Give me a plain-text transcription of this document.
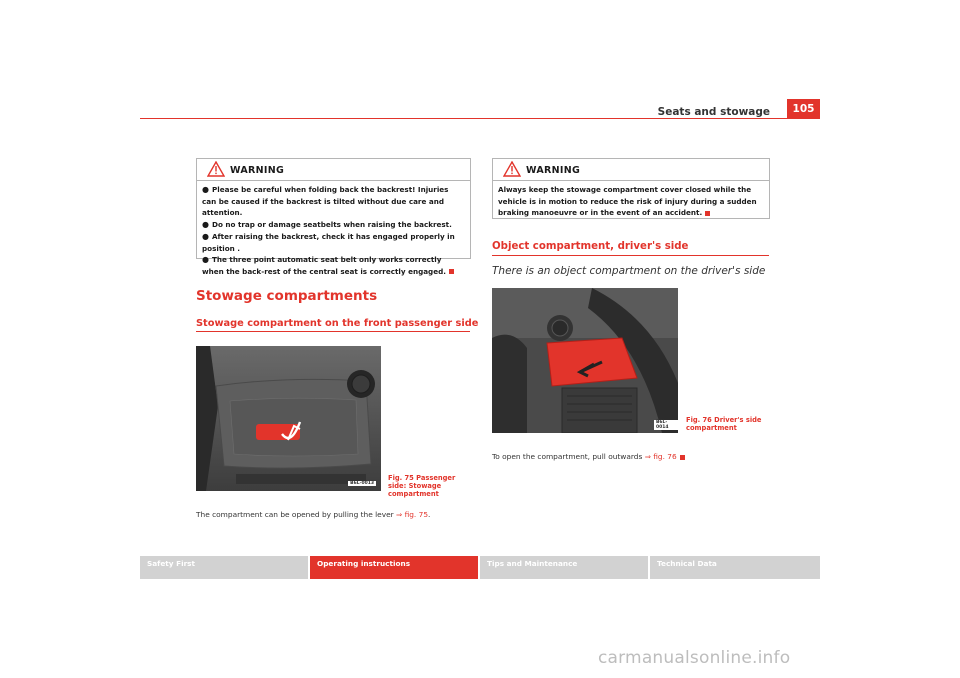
Seats and stowage	105
WARNING

● Please be careful when folding back the backrest! Injuries can be caused if the backrest is tilted without due care and attention.

● Do no trap or damage seatbelts when raising the backrest.

● After raising the backrest, check it has engaged properly in position .

● The three point automatic seat belt only works correctly when the back-rest of the central seat is correctly engaged.

WARNING

Always keep the stowage compartment cover closed while the vehicle is in motion to reduce the risk of injury during a sudden braking manoeuvre or in the event of an accident.

Stowage compartments
Stowage compartment on the front passenger side
B6L-0013
Fig. 75 Passenger side: Stowage compartment
The compartment can be opened by pulling the lever ⇒ fig. 75.
Object compartment, driver's side
There is an object compartment on the driver's side
B6L-0014
Fig. 76 Driver's side compartment
To open the compartment, pull outwards ⇒ fig. 76
Safety First	Operating instructions	Tips and Maintenance	Technical Data
carmanualsonline.info
